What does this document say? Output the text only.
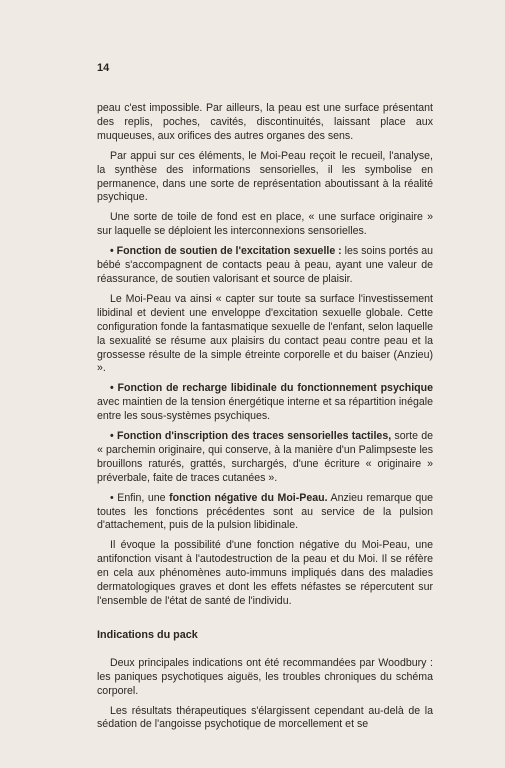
14

peau c'est impossible. Par ailleurs, la peau est une surface présentant des replis, poches, cavités, discontinuités, laissant place aux muqueuses, aux orifices des autres organes des sens.

Par appui sur ces éléments, le Moi-Peau reçoit le recueil, l'analyse, la synthèse des informations sensorielles, il les symbolise en permanence, dans une sorte de représentation aboutissant à la réalité psychique.

Une sorte de toile de fond est en place, « une surface originaire » sur laquelle se déploient les interconnexions sensorielles.

• Fonction de soutien de l'excitation sexuelle : les soins portés au bébé s'accompagnent de contacts peau à peau, ayant une valeur de réassurance, de soutien valorisant et source de plaisir.

Le Moi-Peau va ainsi « capter sur toute sa surface l'investissement libidinal et devient une enveloppe d'excitation sexuelle globale. Cette configuration fonde la fantasmatique sexuelle de l'enfant, selon laquelle la sexualité se résume aux plaisirs du contact peau contre peau et la grossesse résulte de la simple étreinte corporelle et du baiser (Anzieu) ».

• Fonction de recharge libidinale du fonctionnement psychique avec maintien de la tension énergétique interne et sa répartition inégale entre les sous-systèmes psychiques.

• Fonction d'inscription des traces sensorielles tactiles, sorte de « parchemin originaire, qui conserve, à la manière d'un Palimpseste les brouillons raturés, grattés, surchargés, d'une écriture « originaire » préverbale, faite de traces cutanées ».

• Enfin, une fonction négative du Moi-Peau. Anzieu remarque que toutes les fonctions précédentes sont au service de la pulsion d'attachement, puis de la pulsion libidinale.

Il évoque la possibilité d'une fonction négative du Moi-Peau, une antifonction visant à l'autodestruction de la peau et du Moi. Il se réfère en cela aux phénomènes auto-immuns impliqués dans des maladies dermatologiques graves et dont les effets néfastes se répercutent sur l'ensemble de l'état de santé de l'individu.

Indications du pack

Deux principales indications ont été recommandées par Woodbury : les paniques psychotiques aiguës, les troubles chroniques du schéma corporel.

Les résultats thérapeutiques s'élargissent cependant au-delà de la sédation de l'angoisse psychotique de morcellement et se
